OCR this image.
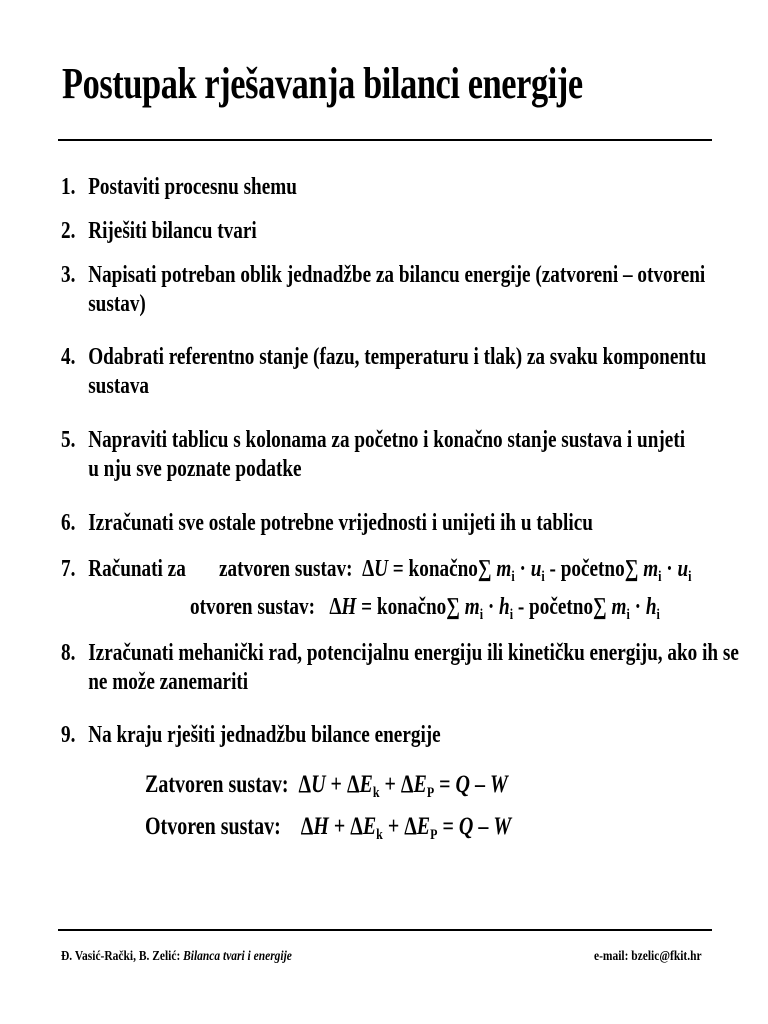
Postupak rješavanja bilanci energije
1. Postaviti procesnu shemu
2. Riješiti bilancu tvari
3. Napisati potreban oblik jednadžbe za bilancu energije (zatvoreni – otvoreni
sustav)
4. Odabrati referentno stanje (fazu, temperaturu i tlak) za svaku komponentu
sustava
5. Napraviti tablicu s kolonama za početno i konačno stanje sustava i unjeti
u nju sve poznate podatke
6. Izračunati sve ostale potrebne vrijednosti i unijeti ih u tablicu
7. Računati za	zatvoren sustav: ΔU = konačno∑ $m_i \cdot u_i$ - početno∑ $m_i \cdot u_i$
otvoren sustav: ΔH = konačno∑ $m_i \cdot h_i$ - početno∑ $m_i \cdot h_i$
8. Izračunati mehanički rad, potencijalnu energiju ili kinetičku energiju, ako ih se
ne može zanemariti
9. Na kraju rješiti jednadžbu bilance energije
Zatvoren sustav: $\Delta U + \Delta E_k + \Delta E_P = Q - W$
Otvoren sustav: $\Delta H + \Delta E_k + \Delta E_P = Q - W$
Đ. Vasić-Rački, B. Zelić: Bilanca tvari i energije	e-mail: bzelic@fkit.hr
